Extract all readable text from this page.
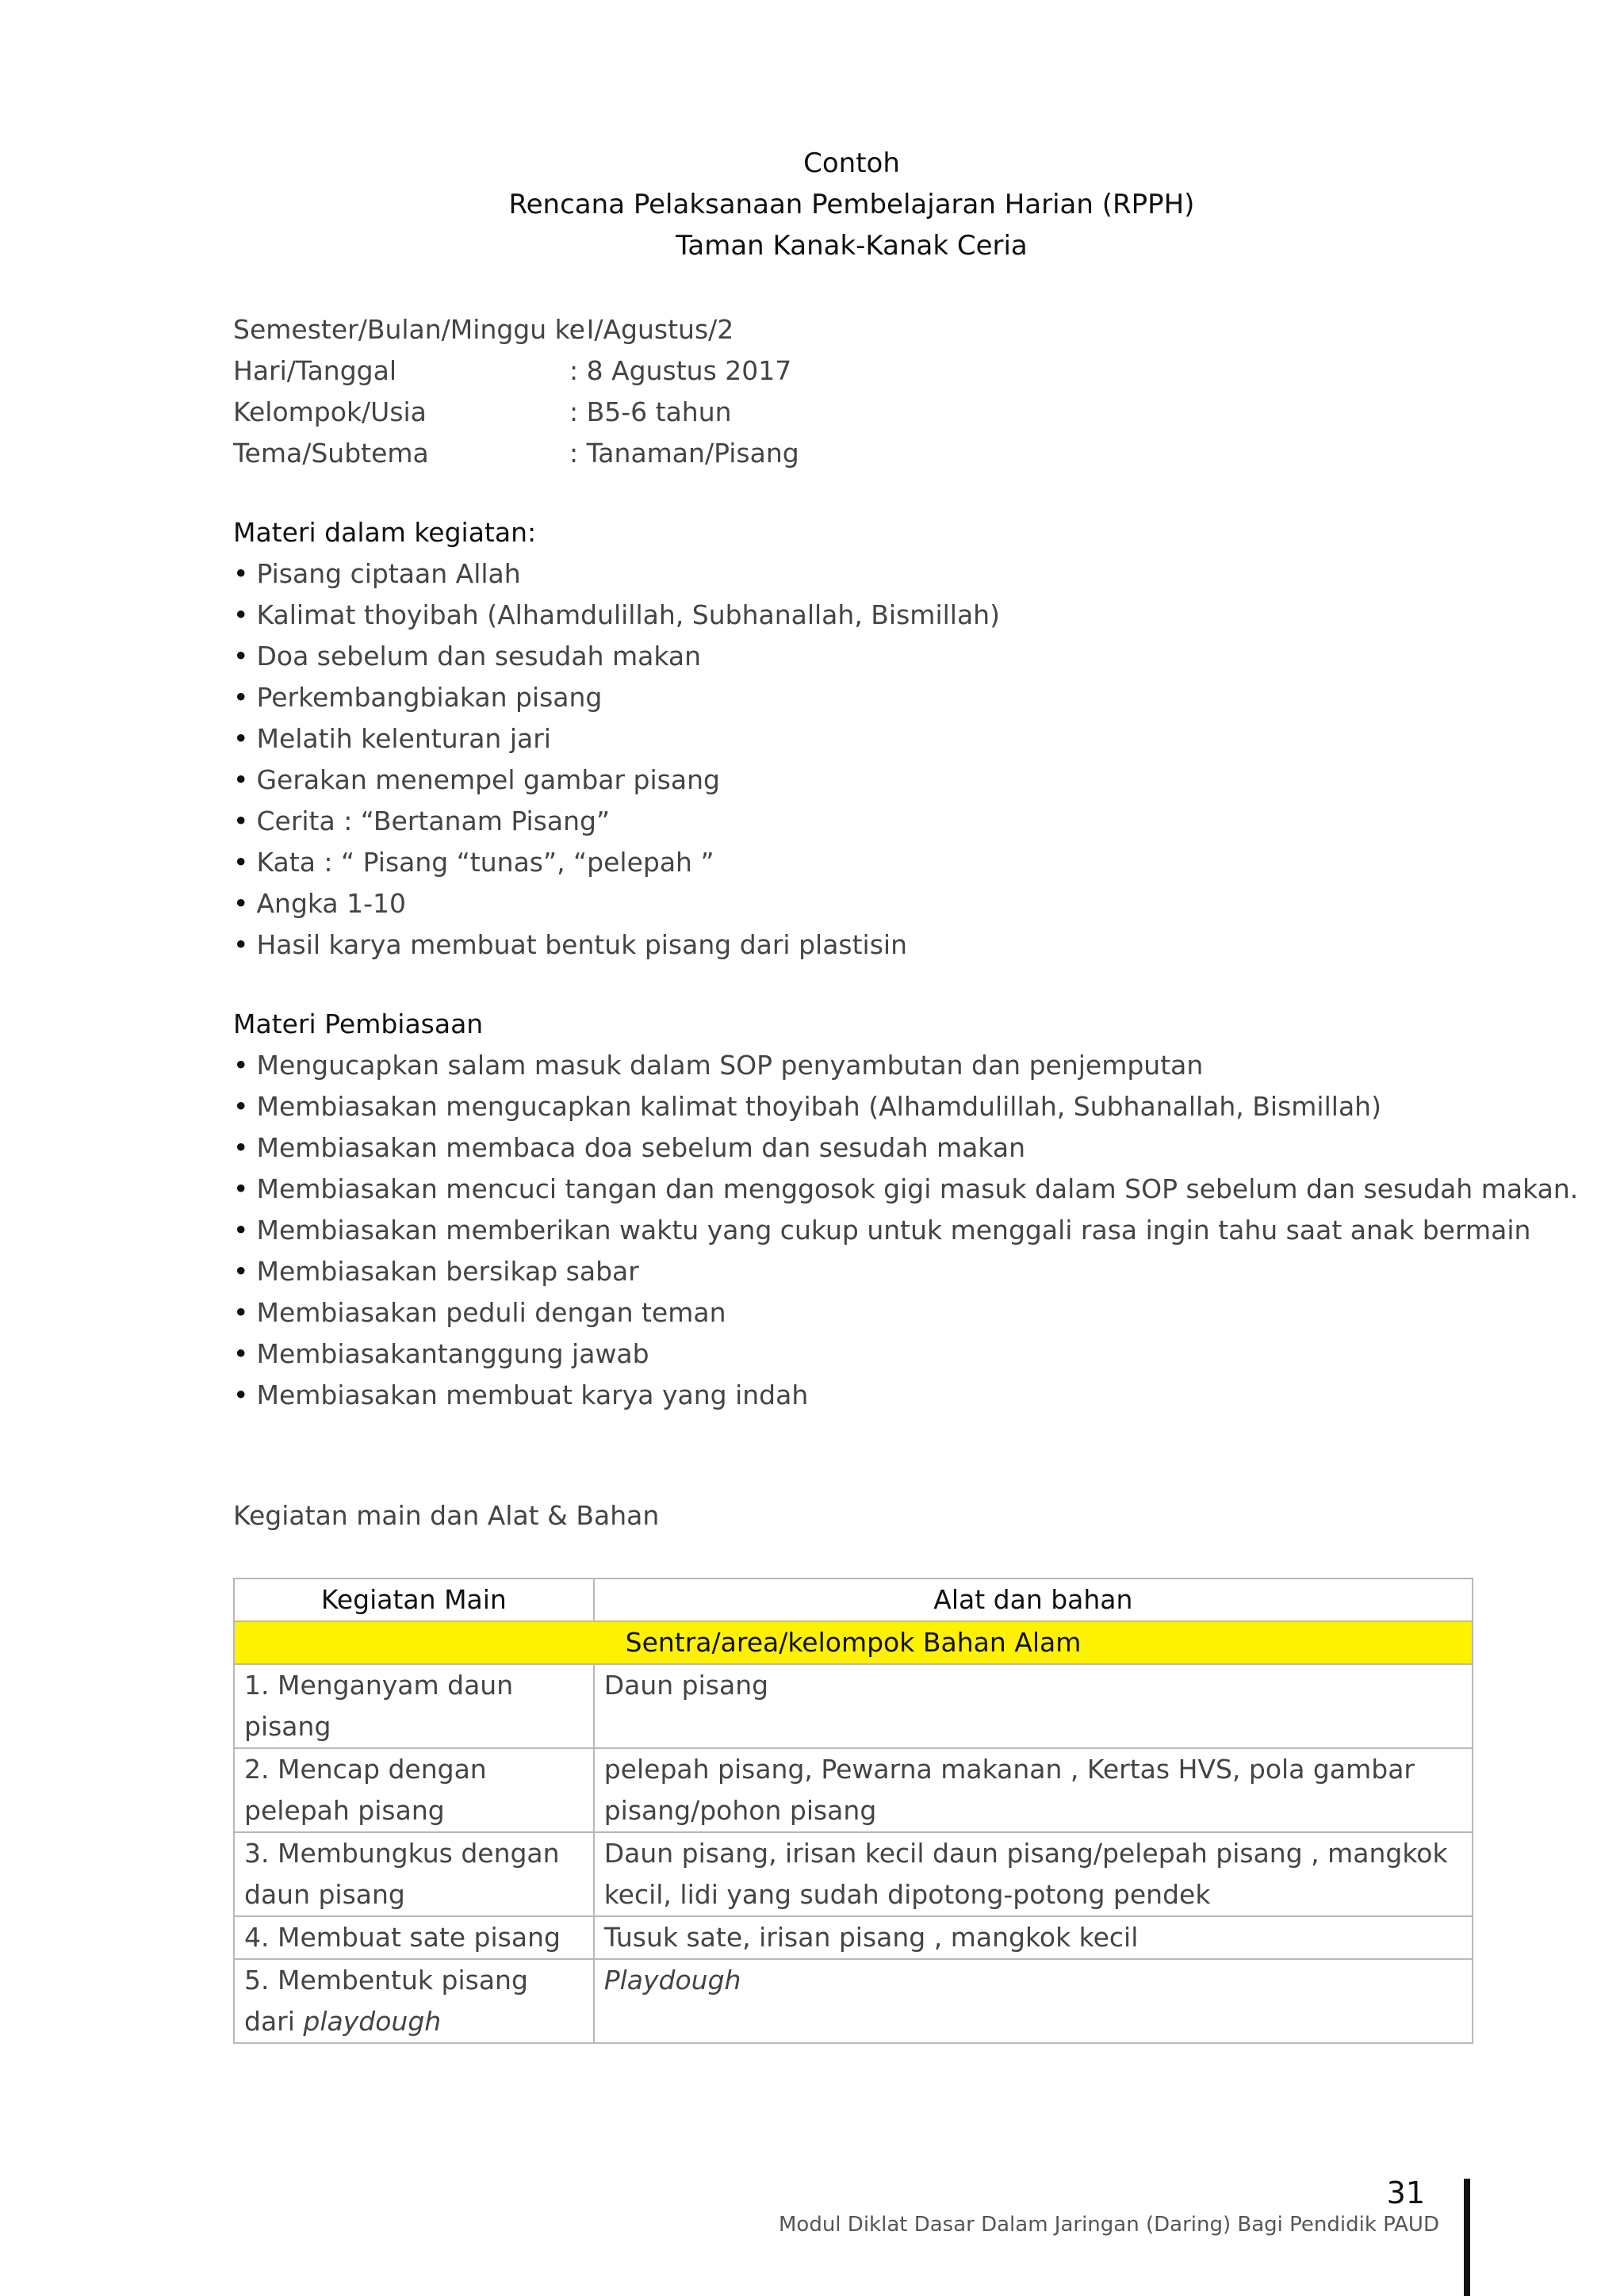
Contoh
Rencana Pelaksanaan Pembelajaran Harian (RPPH)
Taman Kanak-Kanak Ceria
Semester/Bulan/Minggu ke
: I/Agustus/2
Hari/Tanggal	: 8 Agustus 2017
Kelompok/Usia	: B5-6 tahun
Tema/Subtema	: Tanaman/Pisang
Materi dalam kegiatan:
• Pisang ciptaan Allah
• Kalimat thoyibah (Alhamdulillah, Subhanallah, Bismillah)
• Doa sebelum dan sesudah makan
• Perkembangbiakan pisang
• Melatih kelenturan jari
• Gerakan menempel gambar pisang
• Cerita : “Bertanam Pisang”
• Kata : “ Pisang “tunas”, “pelepah ”
• Angka 1-10
• Hasil karya membuat bentuk pisang dari plastisin
Materi Pembiasaan
• Mengucapkan salam masuk dalam SOP penyambutan dan penjemputan
• Membiasakan mengucapkan kalimat thoyibah (Alhamdulillah, Subhanallah, Bismillah)
• Membiasakan membaca doa sebelum dan sesudah makan
• Membiasakan mencuci tangan dan menggosok gigi masuk dalam SOP sebelum dan sesudah makan.
• Membiasakan memberikan waktu yang cukup untuk menggali rasa ingin tahu saat anak bermain
• Membiasakan bersikap sabar
• Membiasakan peduli dengan teman
• Membiasakantanggung jawab
• Membiasakan membuat karya yang indah
Kegiatan main dan Alat & Bahan
Kegiatan Main	Alat dan bahan
Sentra/area/kelompok Bahan Alam	
1. Menganyam daun pisang	Daun pisang
2. Mencap dengan pelepah pisang	pelepah pisang, Pewarna makanan , Kertas HVS, pola gambar pisang/pohon pisang
3. Membungkus dengan daun pisang	Daun pisang, irisan kecil daun pisang/pelepah pisang , mangkok kecil, lidi yang sudah dipotong-potong pendek
4. Membuat sate pisang	Tusuk sate, irisan pisang , mangkok kecil
5. Membentuk pisang dari playdough	Playdough
31
Modul Diklat Dasar Dalam Jaringan (Daring) Bagi Pendidik PAUD
